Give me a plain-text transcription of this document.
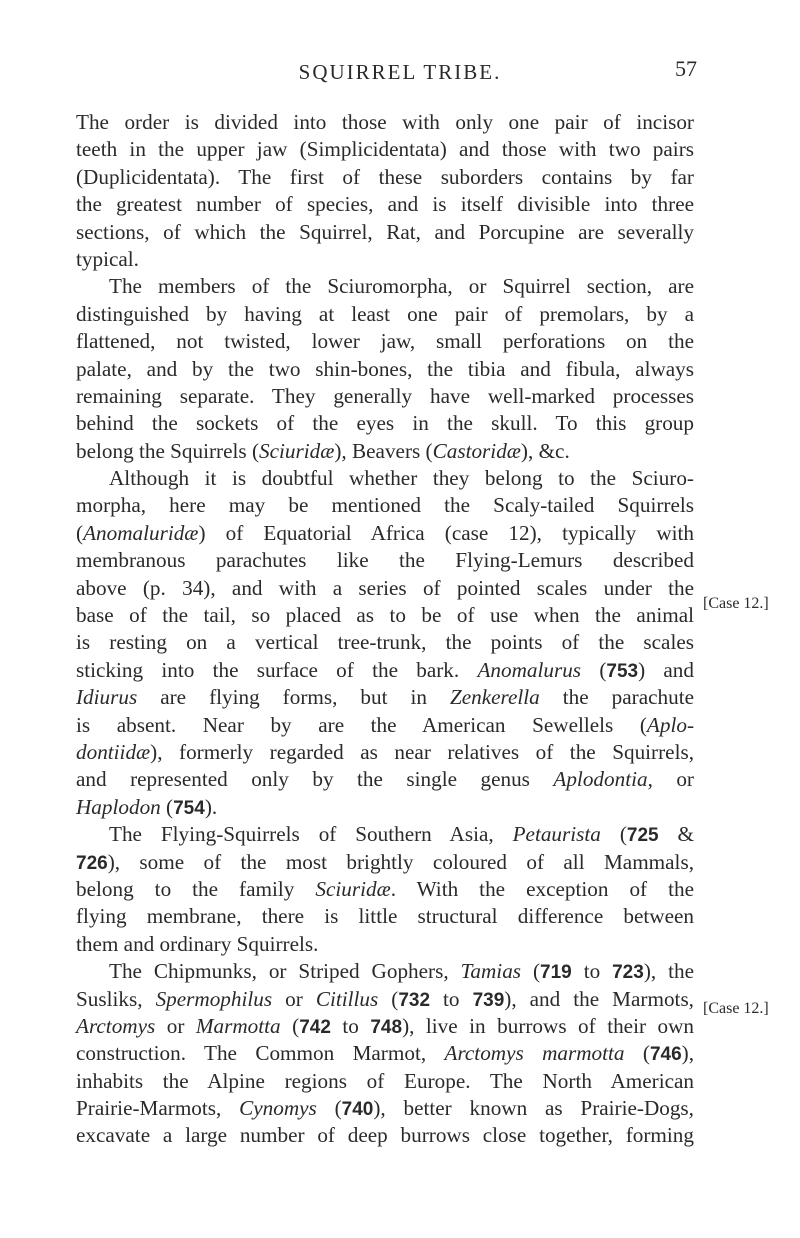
SQUIRREL TRIBE.	57
[Case 12.]
[Case 12.]
The order is divided into those with only one pair of incisor
teeth in the upper jaw (Simplicidentata) and those with two pairs
(Duplicidentata). The first of these suborders contains by far
the greatest number of species, and is itself divisible into three
sections, of which the Squirrel, Rat, and Porcupine are severally
typical.
The members of the Sciuromorpha, or Squirrel section, are
distinguished by having at least one pair of premolars, by a
flattened, not twisted, lower jaw, small perforations on the
palate, and by the two shin-bones, the tibia and fibula, always
remaining separate. They generally have well-marked processes
behind the sockets of the eyes in the skull. To this group
belong the Squirrels (Sciuridæ), Beavers (Castoridæ), &c.
Although it is doubtful whether they belong to the Sciuro-
morpha, here may be mentioned the Scaly-tailed Squirrels
(Anomaluridæ) of Equatorial Africa (case 12), typically with
membranous parachutes like the Flying-Lemurs described
above (p. 34), and with a series of pointed scales under the
base of the tail, so placed as to be of use when the animal
is resting on a vertical tree-trunk, the points of the scales
sticking into the surface of the bark. Anomalurus (753) and
Idiurus are flying forms, but in Zenkerella the parachute
is absent. Near by are the American Sewellels (Aplo-
dontiidæ), formerly regarded as near relatives of the Squirrels,
and represented only by the single genus Aplodontia, or
Haplodon (754).
The Flying-Squirrels of Southern Asia, Petaurista (725 &
726), some of the most brightly coloured of all Mammals,
belong to the family Sciuridæ. With the exception of the
flying membrane, there is little structural difference between
them and ordinary Squirrels.
The Chipmunks, or Striped Gophers, Tamias (719 to 723), the
Susliks, Spermophilus or Citillus (732 to 739), and the Marmots,
Arctomys or Marmotta (742 to 748), live in burrows of their own
construction. The Common Marmot, Arctomys marmotta (746),
inhabits the Alpine regions of Europe. The North American
Prairie-Marmots, Cynomys (740), better known as Prairie-Dogs,
excavate a large number of deep burrows close together, forming
